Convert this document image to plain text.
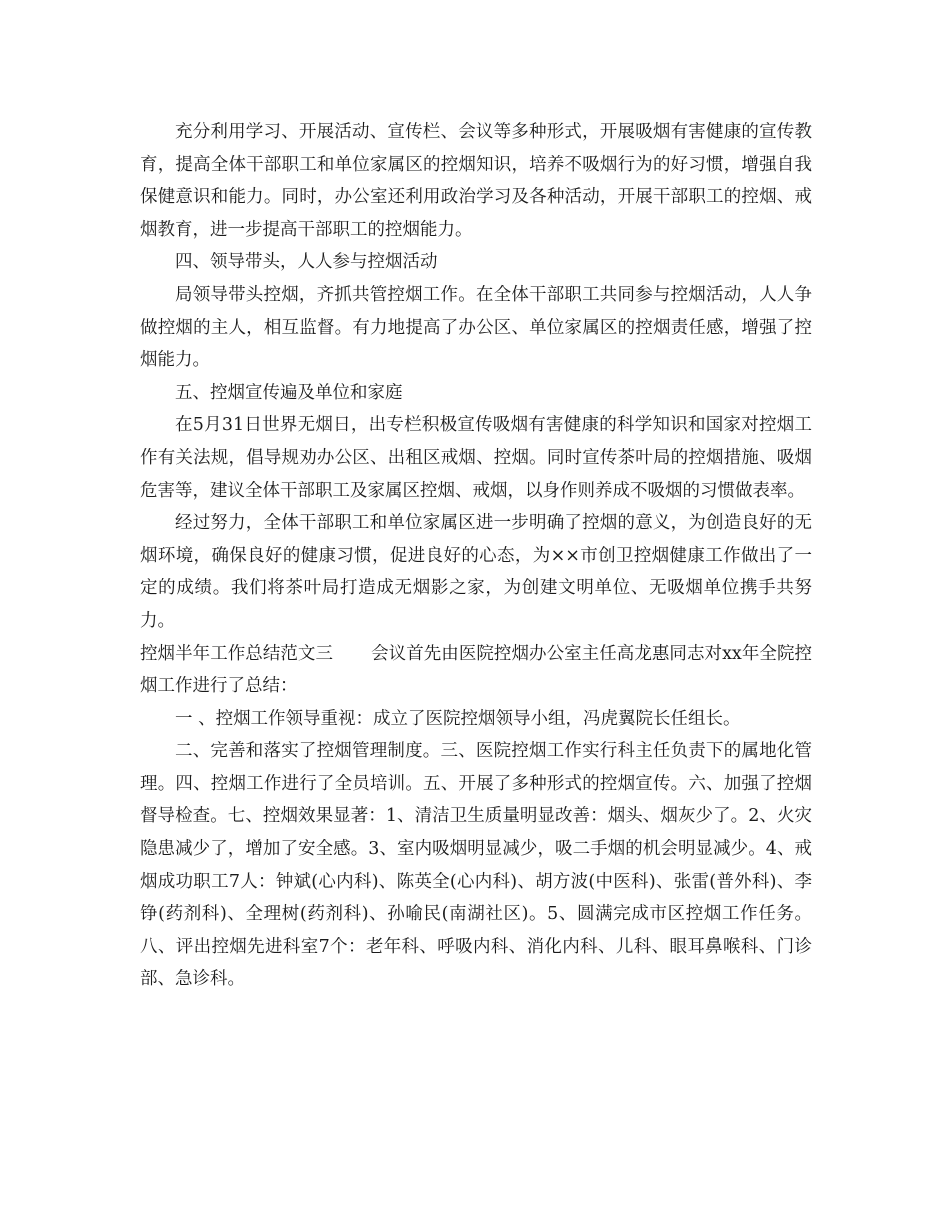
充分利用学习、开展活动、宣传栏、会议等多种形式，开展吸烟有害健康的宣传教育，提高全体干部职工和单位家属区的控烟知识，培养不吸烟行为的好习惯，增强自我保健意识和能力。同时，办公室还利用政治学习及各种活动，开展干部职工的控烟、戒烟教育，进一步提高干部职工的控烟能力。

四、领导带头，人人参与控烟活动

局领导带头控烟，齐抓共管控烟工作。在全体干部职工共同参与控烟活动，人人争做控烟的主人，相互监督。有力地提高了办公区、单位家属区的控烟责任感，增强了控烟能力。

五、控烟宣传遍及单位和家庭

在5月31日世界无烟日，出专栏积极宣传吸烟有害健康的科学知识和国家对控烟工作有关法规，倡导规劝办公区、出租区戒烟、控烟。同时宣传茶叶局的控烟措施、吸烟危害等，建议全体干部职工及家属区控烟、戒烟，以身作则养成不吸烟的习惯做表率。

经过努力，全体干部职工和单位家属区进一步明确了控烟的意义，为创造良好的无烟环境，确保良好的健康习惯，促进良好的心态，为××市创卫控烟健康工作做出了一定的成绩。我们将茶叶局打造成无烟影之家，为创建文明单位、无吸烟单位携手共努力。

控烟半年工作总结范文三 会议首先由医院控烟办公室主任高龙惠同志对xx年全院控烟工作进行了总结：

一 、控烟工作领导重视：成立了医院控烟领导小组，冯虎翼院长任组长。

二、完善和落实了控烟管理制度。三、医院控烟工作实行科主任负责下的属地化管理。四、控烟工作进行了全员培训。五、开展了多种形式的控烟宣传。六、加强了控烟督导检查。七、控烟效果显著：1、清洁卫生质量明显改善：烟头、烟灰少了。2、火灾隐患减少了，增加了安全感。3、室内吸烟明显减少，吸二手烟的机会明显减少。4、戒烟成功职工7人：钟斌(心内科)、陈英全(心内科)、胡方波(中医科)、张雷(普外科)、李铮(药剂科)、全理树(药剂科)、孙喻民(南湖社区)。5、圆满完成市区控烟工作任务。八、评出控烟先进科室7个：老年科、呼吸内科、消化内科、儿科、眼耳鼻喉科、门诊部、急诊科。
